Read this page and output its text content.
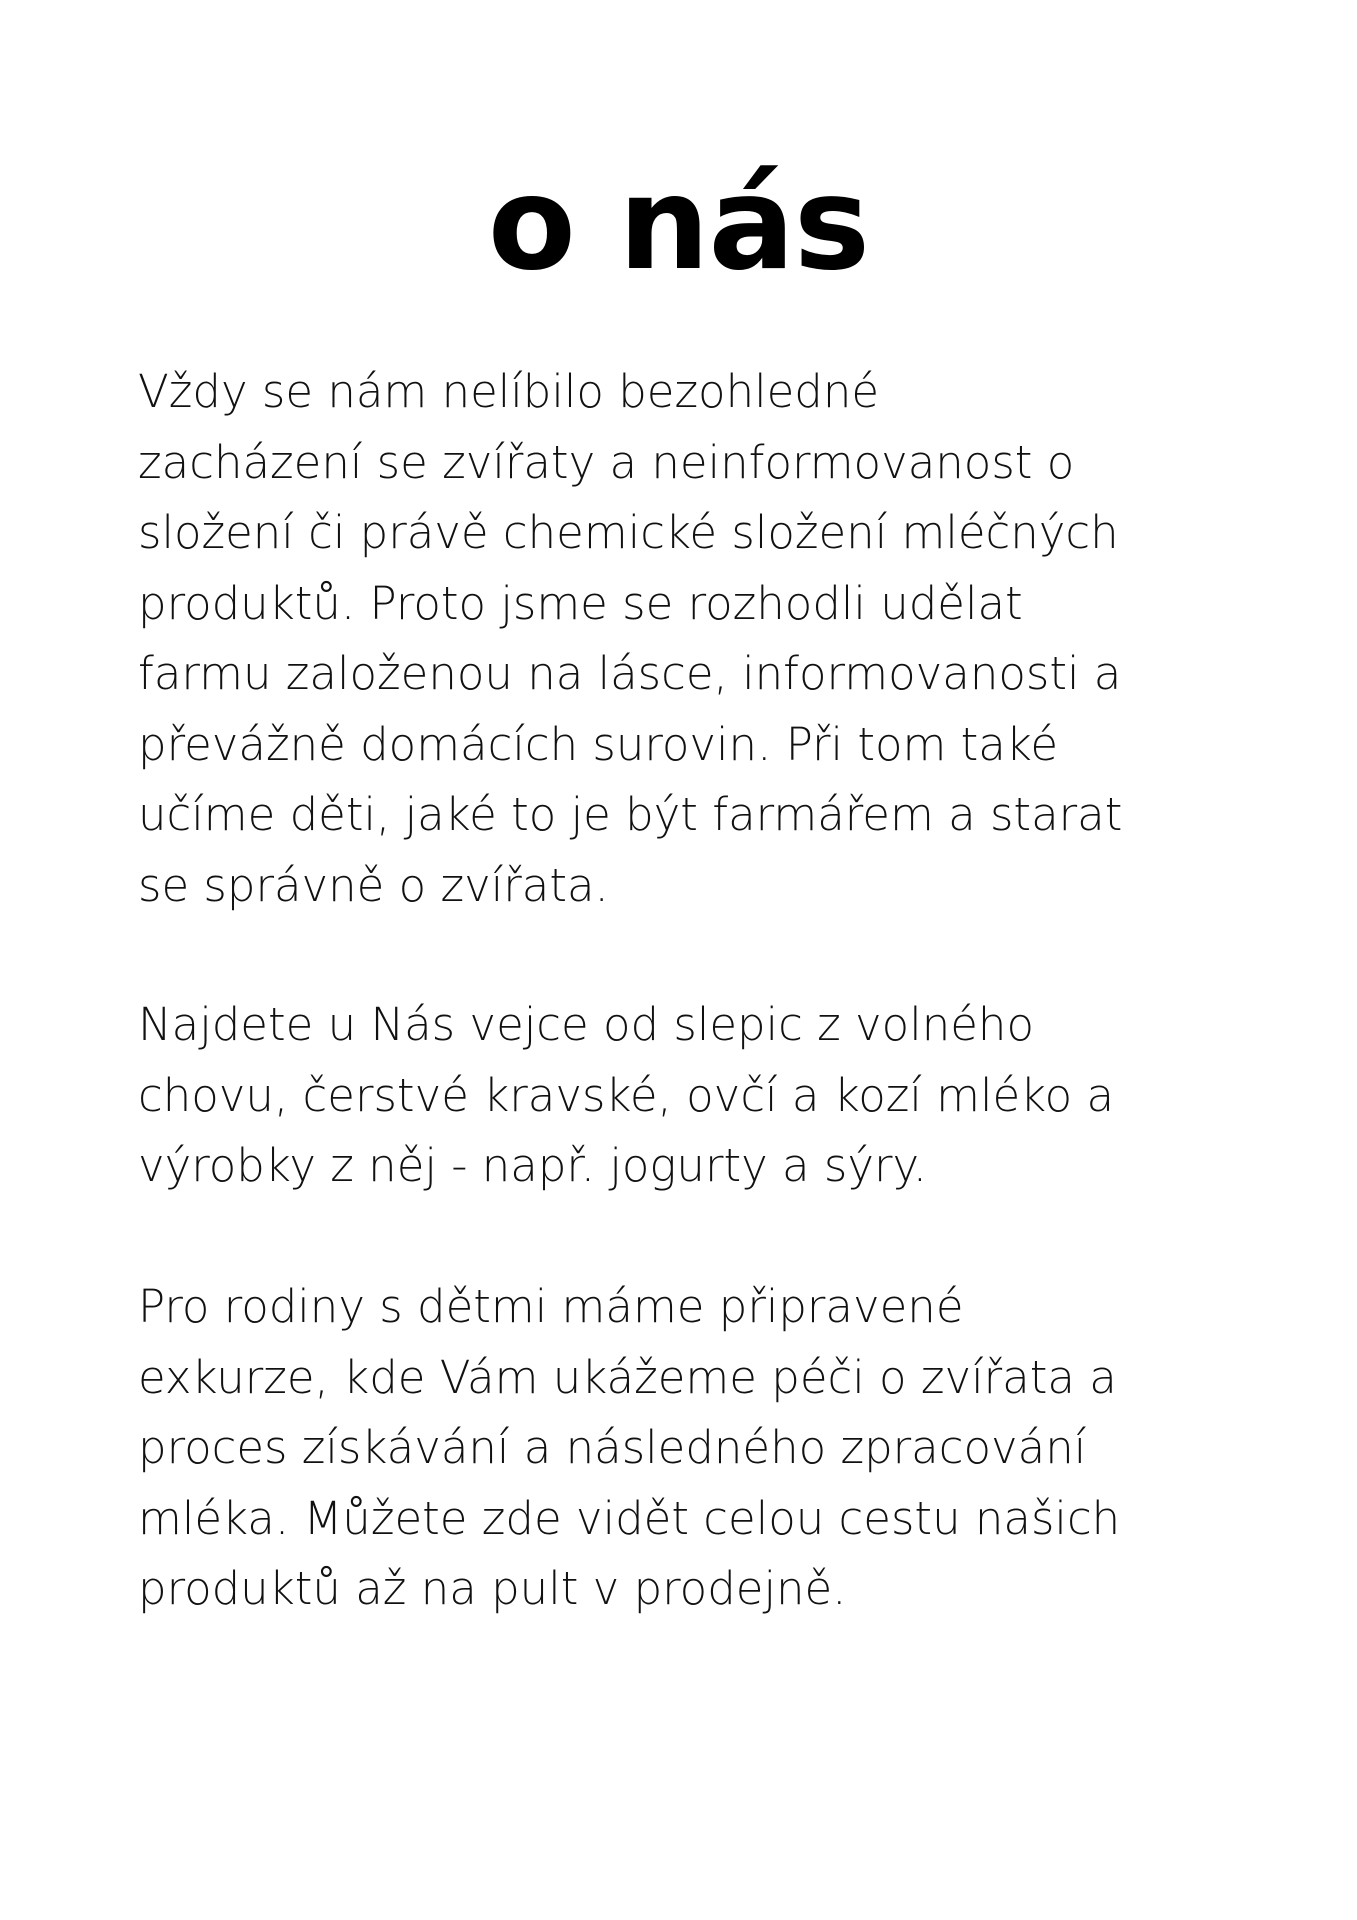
o nás

Vždy se nám nelíbilo bezohledné
zacházení se zvířaty a neinformovanost o
složení či právě chemické složení mléčných
produktů. Proto jsme se rozhodli udělat
farmu založenou na lásce, informovanosti a
převážně domácích surovin. Při tom také
učíme děti, jaké to je být farmářem a starat
se správně o zvířata.

Najdete u Nás vejce od slepic z volného
chovu, čerstvé kravské, ovčí a kozí mléko a
výrobky z něj - např. jogurty a sýry.

Pro rodiny s dětmi máme připravené
exkurze, kde Vám ukážeme péči o zvířata a
proces získávání a následného zpracování
mléka. Můžete zde vidět celou cestu našich
produktů až na pult v prodejně.
